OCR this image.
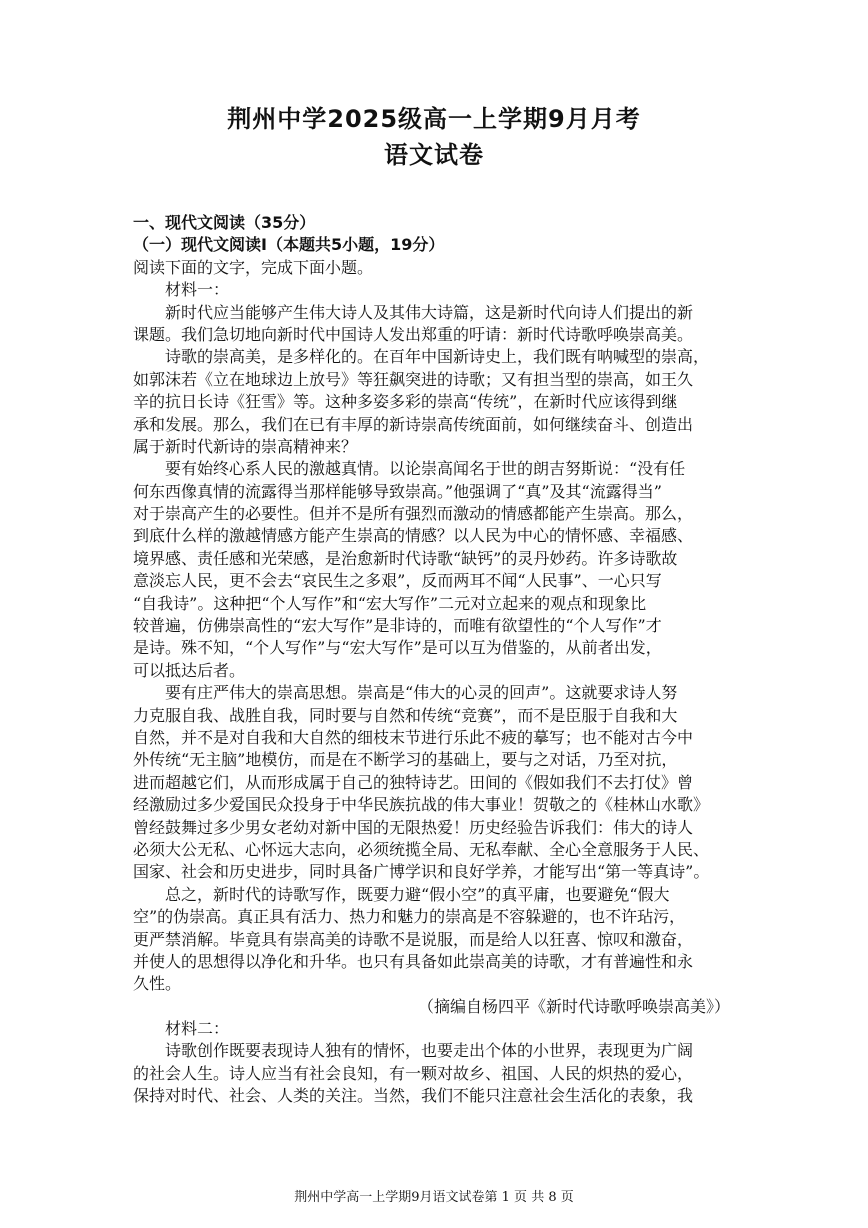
荆州中学2025级高一上学期9月月考
语文试卷
一、现代文阅读（35分）
（一）现代文阅读Ⅰ（本题共5小题，19分）
阅读下面的文字，完成下面小题。
材料一：
新时代应当能够产生伟大诗人及其伟大诗篇，这是新时代向诗人们提出的新
课题。我们急切地向新时代中国诗人发出郑重的吁请：新时代诗歌呼唤崇高美。
诗歌的崇高美，是多样化的。在百年中国新诗史上，我们既有呐喊型的崇高，
如郭沫若《立在地球边上放号》等狂飙突进的诗歌；又有担当型的崇高，如王久
辛的抗日长诗《狂雪》等。这种多姿多彩的崇高“传统”，在新时代应该得到继
承和发展。那么，我们在已有丰厚的新诗崇高传统面前，如何继续奋斗、创造出
属于新时代新诗的崇高精神来？
要有始终心系人民的激越真情。以论崇高闻名于世的朗吉努斯说：“没有任
何东西像真情的流露得当那样能够导致崇高。”他强调了“真”及其“流露得当”
对于崇高产生的必要性。但并不是所有强烈而激动的情感都能产生崇高。那么，
到底什么样的激越情感方能产生崇高的情感？以人民为中心的情怀感、幸福感、
境界感、责任感和光荣感，是治愈新时代诗歌“缺钙”的灵丹妙药。许多诗歌故
意淡忘人民，更不会去“哀民生之多艰”，反而两耳不闻“人民事”、一心只写
“自我诗”。这种把“个人写作”和“宏大写作”二元对立起来的观点和现象比
较普遍，仿佛崇高性的“宏大写作”是非诗的，而唯有欲望性的“个人写作”才
是诗。殊不知，“个人写作”与“宏大写作”是可以互为借鉴的，从前者出发，
可以抵达后者。
要有庄严伟大的崇高思想。崇高是“伟大的心灵的回声”。这就要求诗人努
力克服自我、战胜自我，同时要与自然和传统“竞赛”，而不是臣服于自我和大
自然，并不是对自我和大自然的细枝末节进行乐此不疲的摹写；也不能对古今中
外传统“无主脑”地模仿，而是在不断学习的基础上，要与之对话，乃至对抗，
进而超越它们，从而形成属于自己的独特诗艺。田间的《假如我们不去打仗》曾
经激励过多少爱国民众投身于中华民族抗战的伟大事业！贺敬之的《桂林山水歌》
曾经鼓舞过多少男女老幼对新中国的无限热爱！历史经验告诉我们：伟大的诗人
必须大公无私、心怀远大志向，必须统揽全局、无私奉献、全心全意服务于人民、
国家、社会和历史进步，同时具备广博学识和良好学养，才能写出“第一等真诗”。
总之，新时代的诗歌写作，既要力避“假小空”的真平庸，也要避免“假大
空”的伪崇高。真正具有活力、热力和魅力的崇高是不容躲避的，也不许玷污，
更严禁消解。毕竟具有崇高美的诗歌不是说服，而是给人以狂喜、惊叹和激奋，
并使人的思想得以净化和升华。也只有具备如此崇高美的诗歌，才有普遍性和永
久性。
（摘编自杨四平《新时代诗歌呼唤崇高美》）
材料二：
诗歌创作既要表现诗人独有的情怀，也要走出个体的小世界，表现更为广阔
的社会人生。诗人应当有社会良知，有一颗对故乡、祖国、人民的炽热的爱心，
保持对时代、社会、人类的关注。当然，我们不能只注意社会生活化的表象，我
荆州中学高一上学期9月语文试卷第 1 页 共 8 页
